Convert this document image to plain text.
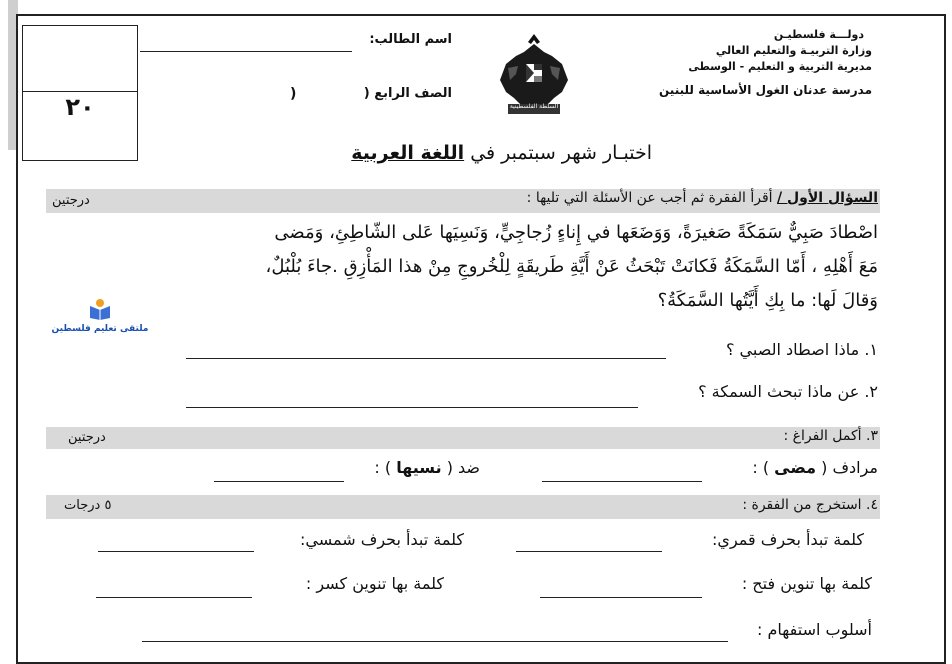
٢٠
دولـــة فلسطيـن
وزارة التربيـة والتعليم العالي
مديرية التربية و التعليم - الوسطى
مدرسة عدنان الغول الأساسية للبنين
السلطة الفلسطينية
اسم الطالب:
الصف الرابع (
)
اختبـار شهر سبتمبر في اللغة العربية
السؤال الأول / أقرأ الفقرة ثم أجب عن الأسئلة التي تليها :
درجتين
اصْطادَ صَبِيٌّ سَمَكَةً صَغيرَةً، وَوَضَعَها في إِناءٍ زُجاجِيٍّ، وَنَسِيَها عَلى الشّاطِئِ، وَمَضى
مَعَ أَهْلِهِ ، أَمّا السَّمَكَةُ فَكانَتْ تَبْحَثُ عَنْ أَيَّةِ طَريقَةٍ لِلْخُروجِ مِنْ هذا المَأْزِقِ .جاءَ بُلْبُلٌ،
وَقالَ لَها: ما بِكِ أَيَّتُها السَّمَكَةُ؟
ملتقى تعليم فلسطين
١. ماذا اصطاد الصبي ؟
٢. عن ماذا تبحث السمكة ؟
٣. أكمل الفراغ :
درجتين
مرادف ( مضى ) :
ضد ( نسيها ) :
٤. استخرج من الفقرة :
٥ درجات
كلمة تبدأ بحرف قمري:
كلمة تبدأ بحرف شمسي:
كلمة بها تنوين فتح :
كلمة بها تنوين كسر :
أسلوب استفهام :
